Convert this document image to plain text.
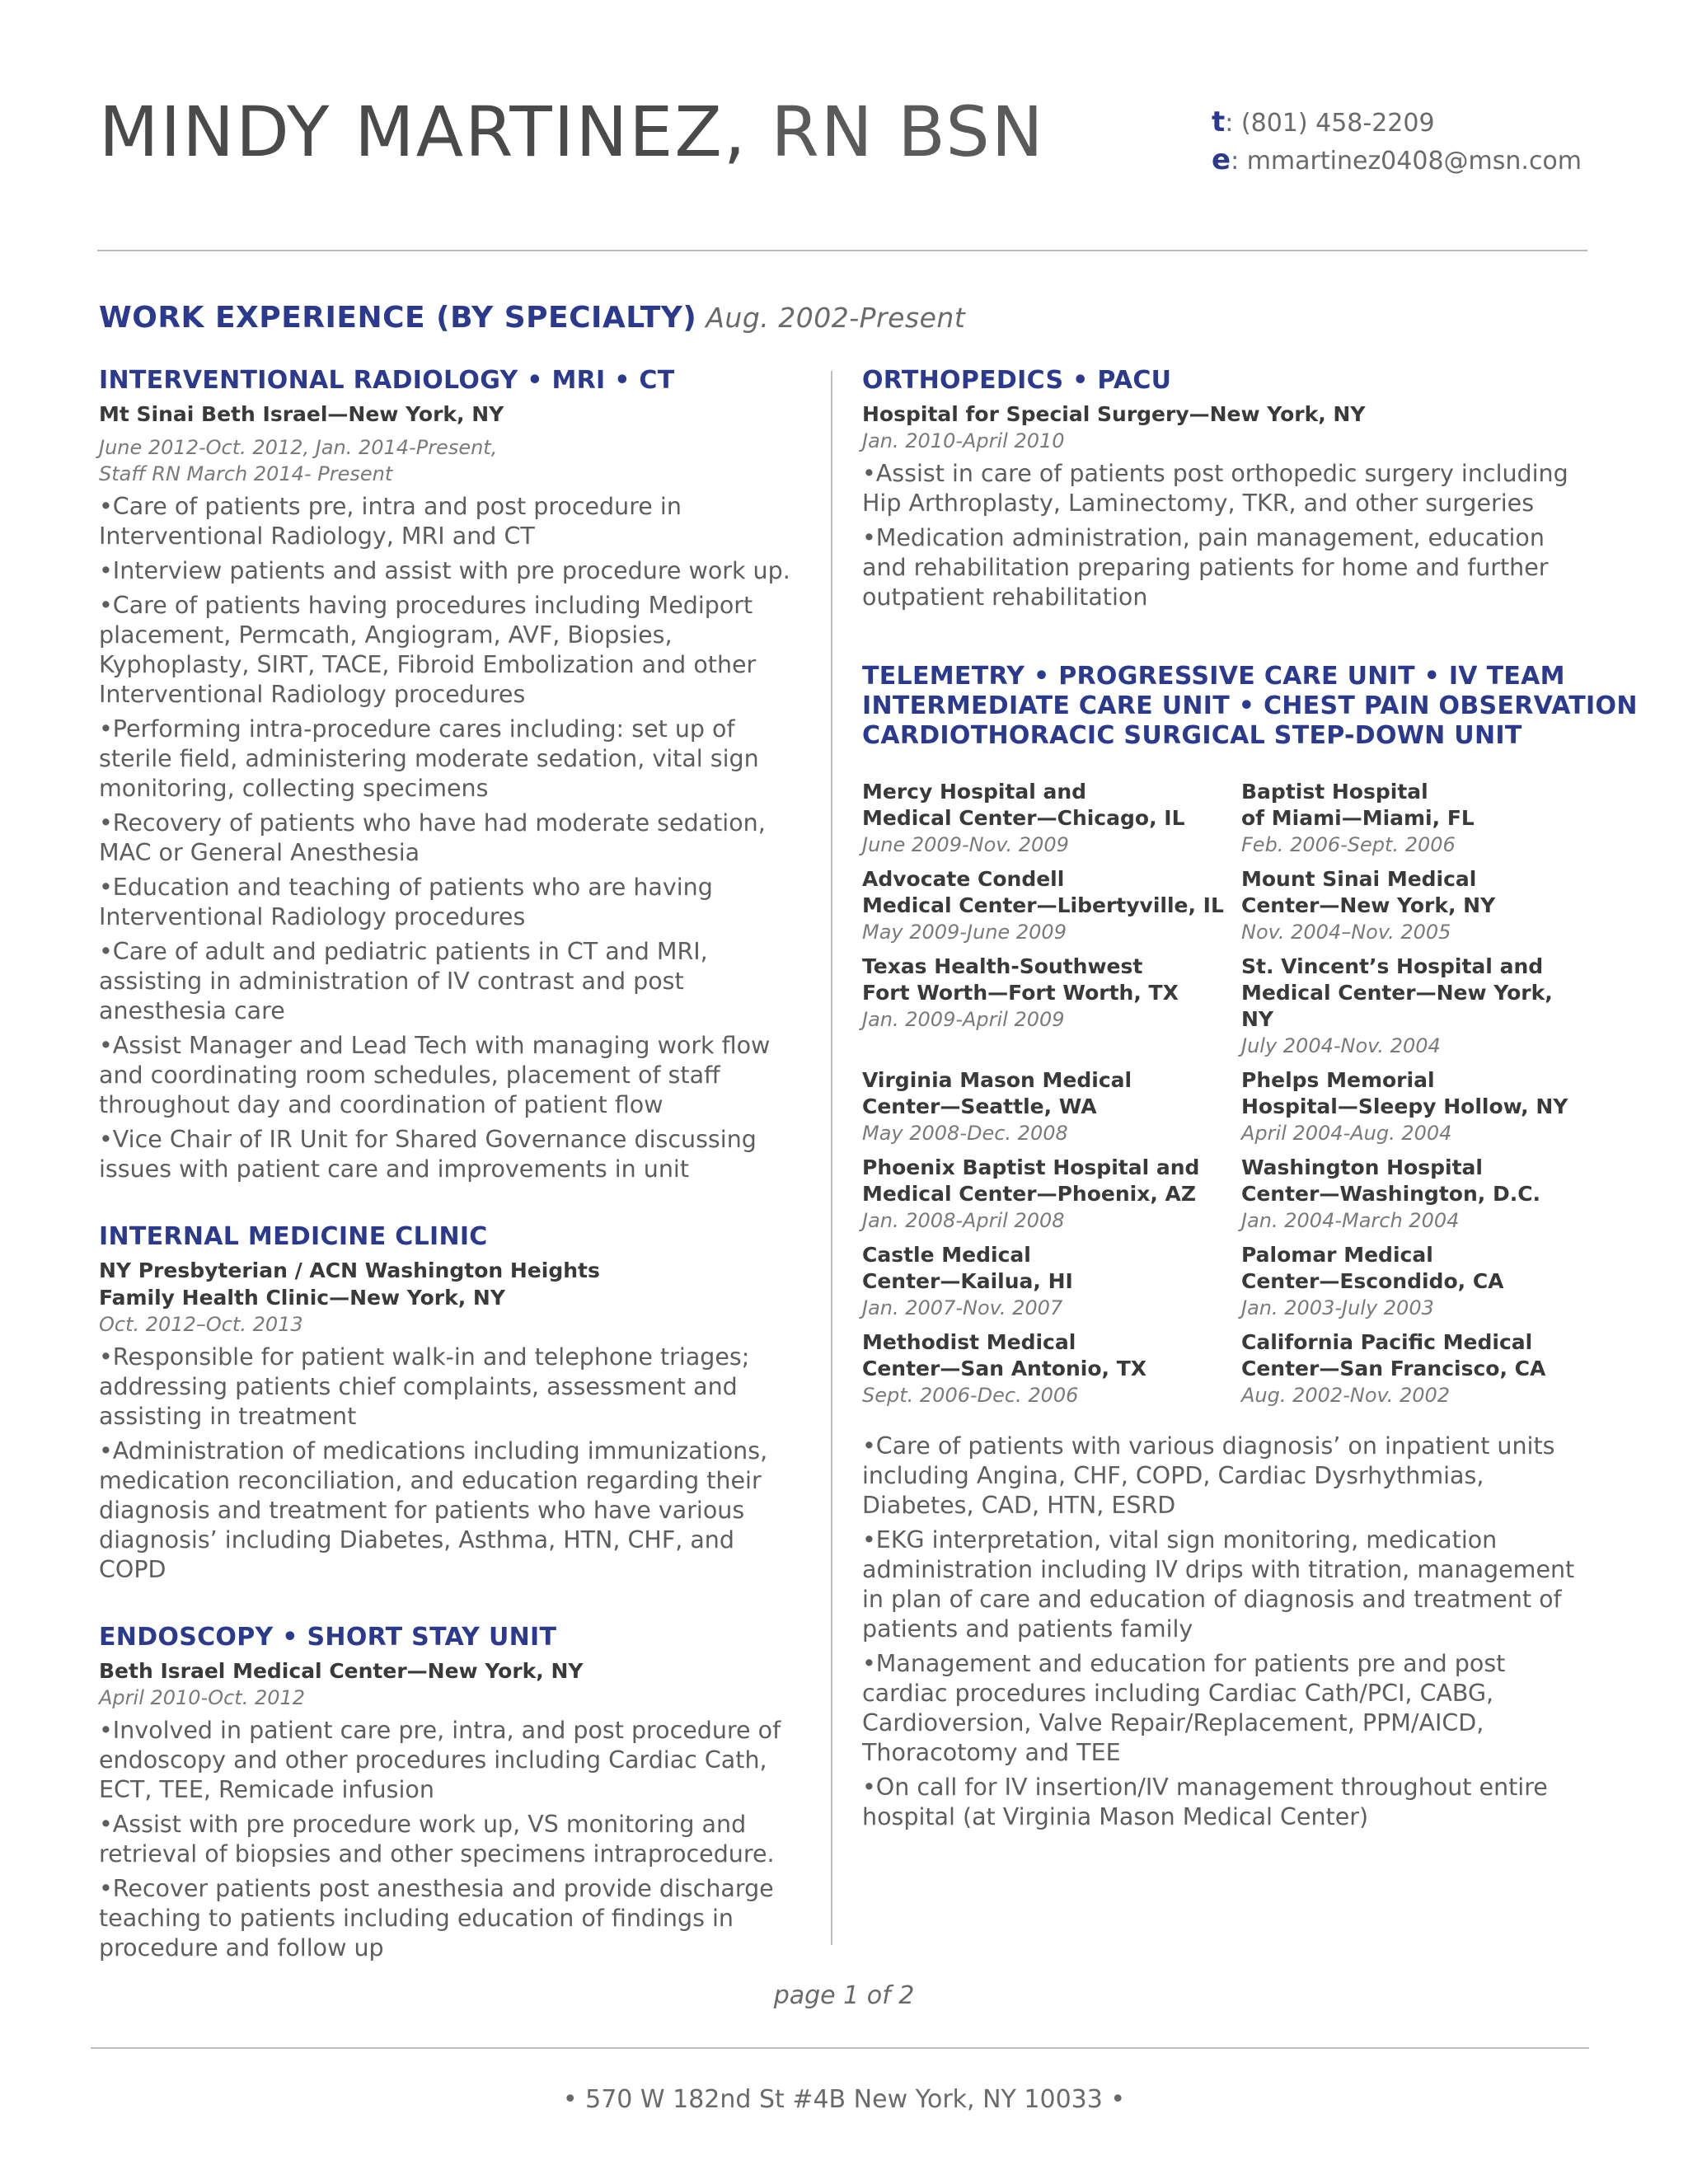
MINDY MARTINEZ, RN BSN	t: (801) 458-2209
e: mmartinez0408@msn.com
WORK EXPERIENCE (BY SPECIALTY) Aug. 2002-Present
INTERVENTIONAL RADIOLOGY • MRI • CT
Mt Sinai Beth Israel—New York, NY
June 2012-Oct. 2012, Jan. 2014-Present,
Staff RN March 2014- Present
•Care of patients pre, intra and post procedure in Interventional Radiology, MRI and CT
•Interview patients and assist with pre procedure work up.
•Care of patients having procedures including Mediport placement, Permcath, Angiogram, AVF, Biopsies, Kyphoplasty, SIRT, TACE, Fibroid Embolization and other Interventional Radiology procedures
•Performing intra-procedure cares including: set up of sterile field, administering moderate sedation, vital sign monitoring, collecting specimens
•Recovery of patients who have had moderate sedation, MAC or General Anesthesia
•Education and teaching of patients who are having Interventional Radiology procedures
•Care of adult and pediatric patients in CT and MRI, assisting in administration of IV contrast and post anesthesia care
•Assist Manager and Lead Tech with managing work flow and coordinating room schedules, placement of staff throughout day and coordination of patient flow
•Vice Chair of IR Unit for Shared Governance discussing issues with patient care and improvements in unit
INTERNAL MEDICINE CLINIC
NY Presbyterian / ACN Washington Heights
Family Health Clinic—New York, NY
Oct. 2012–Oct. 2013
•Responsible for patient walk-in and telephone triages; addressing patients chief complaints, assessment and assisting in treatment
•Administration of medications including immunizations, medication reconciliation, and education regarding their diagnosis and treatment for patients who have various diagnosis’ including Diabetes, Asthma, HTN, CHF, and COPD
ENDOSCOPY • SHORT STAY UNIT
Beth Israel Medical Center—New York, NY
April 2010-Oct. 2012
•Involved in patient care pre, intra, and post procedure of endoscopy and other procedures including Cardiac Cath, ECT, TEE, Remicade infusion
•Assist with pre procedure work up, VS monitoring and retrieval of biopsies and other specimens intraprocedure.
•Recover patients post anesthesia and provide discharge teaching to patients including education of findings in procedure and follow up
ORTHOPEDICS • PACU
Hospital for Special Surgery—New York, NY
Jan. 2010-April 2010
•Assist in care of patients post orthopedic surgery including Hip Arthroplasty, Laminectomy, TKR, and other surgeries
•Medication administration, pain management, education and rehabilitation preparing patients for home and further outpatient rehabilitation
TELEMETRY • PROGRESSIVE CARE UNIT • IV TEAM
INTERMEDIATE CARE UNIT • CHEST PAIN OBSERVATION
CARDIOTHORACIC SURGICAL STEP-DOWN UNIT
Mercy Hospital and
Medical Center—Chicago, IL
June 2009-Nov. 2009
Baptist Hospital
of Miami—Miami, FL
Feb. 2006-Sept. 2006
Advocate Condell
Medical Center—Libertyville, IL
May 2009-June 2009
Mount Sinai Medical
Center—New York, NY
Nov. 2004–Nov. 2005
Texas Health-Southwest
Fort Worth—Fort Worth, TX
Jan. 2009-April 2009
St. Vincent’s Hospital and
Medical Center—New York, NY
July 2004-Nov. 2004
Virginia Mason Medical
Center—Seattle, WA
May 2008-Dec. 2008
Phelps Memorial
Hospital—Sleepy Hollow, NY
April 2004-Aug. 2004
Phoenix Baptist Hospital and
Medical Center—Phoenix, AZ
Jan. 2008-April 2008
Washington Hospital
Center—Washington, D.C.
Jan. 2004-March 2004
Castle Medical
Center—Kailua, HI
Jan. 2007-Nov. 2007
Palomar Medical
Center—Escondido, CA
Jan. 2003-July 2003
Methodist Medical
Center—San Antonio, TX
Sept. 2006-Dec. 2006
California Pacific Medical
Center—San Francisco, CA
Aug. 2002-Nov. 2002
•Care of patients with various diagnosis’ on inpatient units including Angina, CHF, COPD, Cardiac Dysrhythmias, Diabetes, CAD, HTN, ESRD
•EKG interpretation, vital sign monitoring, medication administration including IV drips with titration, management in plan of care and education of diagnosis and treatment of patients and patients family
•Management and education for patients pre and post cardiac procedures including Cardiac Cath/PCI, CABG, Cardioversion, Valve Repair/Replacement, PPM/AICD, Thoracotomy and TEE
•On call for IV insertion/IV management throughout entire hospital (at Virginia Mason Medical Center)
page 1 of 2
• 570 W 182nd St #4B New York, NY 10033 •
